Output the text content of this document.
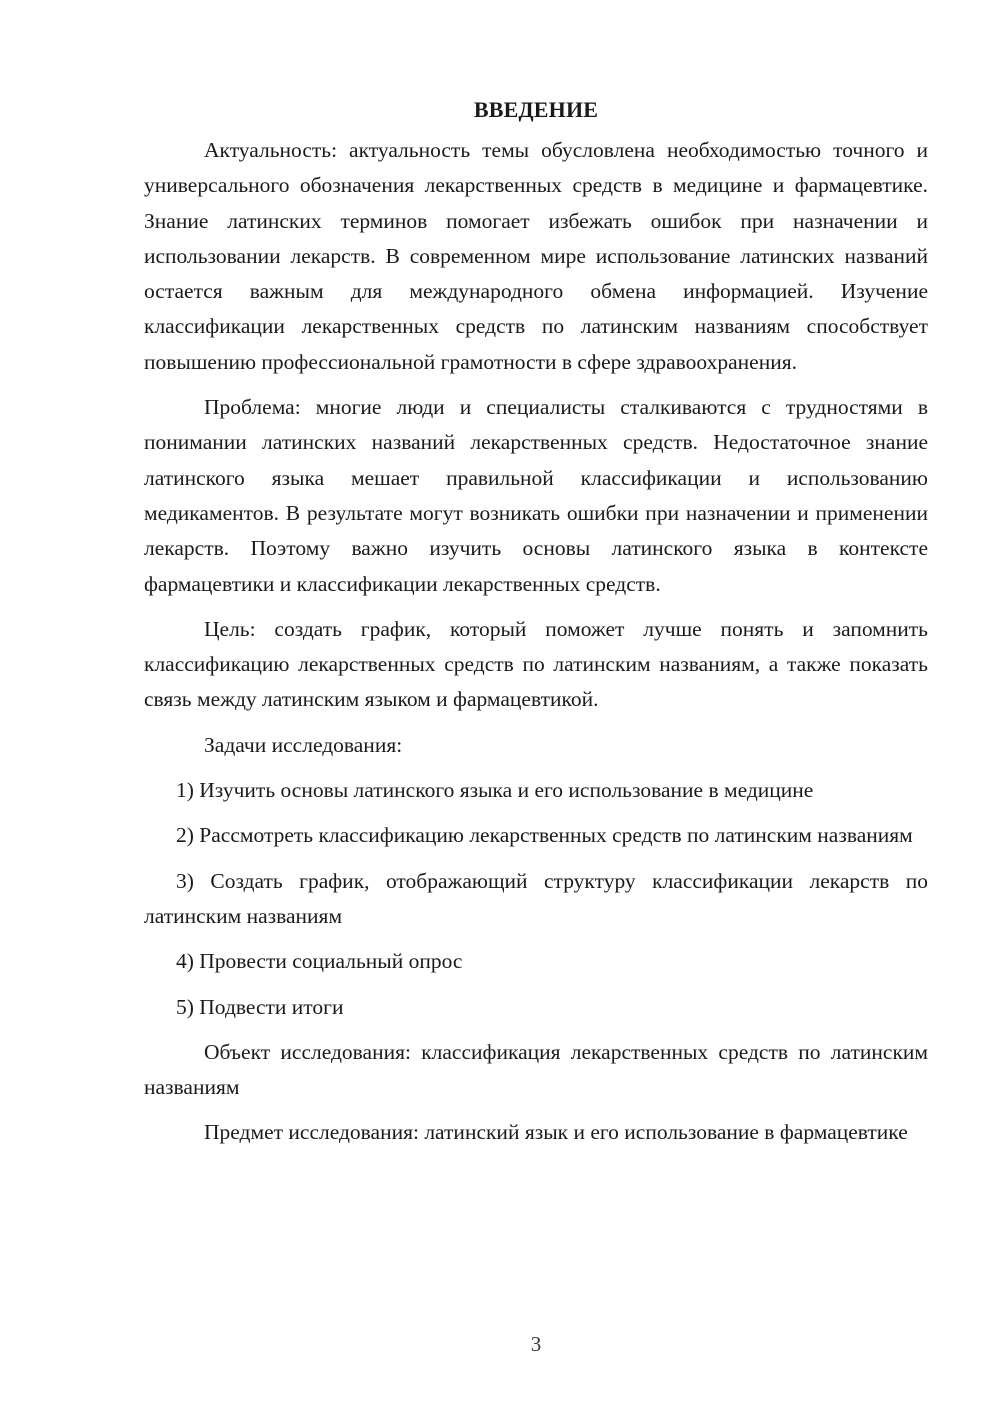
ВВЕДЕНИЕ

Актуальность: актуальность темы обусловлена необходимостью точного и универсального обозначения лекарственных средств в медицине и фармацевтике. Знание латинских терминов помогает избежать ошибок при назначении и использовании лекарств. В современном мире использование латинских названий остается важным для международного обмена информацией. Изучение классификации лекарственных средств по латинским названиям способствует повышению профессиональной грамотности в сфере здравоохранения.

Проблема: многие люди и специалисты сталкиваются с трудностями в понимании латинских названий лекарственных средств. Недостаточное знание латинского языка мешает правильной классификации и использованию медикаментов. В результате могут возникать ошибки при назначении и применении лекарств. Поэтому важно изучить основы латинского языка в контексте фармацевтики и классификации лекарственных средств.

Цель: создать график, который поможет лучше понять и запомнить классификацию лекарственных средств по латинским названиям, а также показать связь между латинским языком и фармацевтикой.

Задачи исследования:

1) Изучить основы латинского языка и его использование в медицине

2) Рассмотреть классификацию лекарственных средств по латинским названиям

3) Создать график, отображающий структуру классификации лекарств по латинским названиям

4) Провести социальный опрос

5) Подвести итоги

Объект исследования: классификация лекарственных средств по латинским названиям

Предмет исследования: латинский язык и его использование в фармацевтике

3
